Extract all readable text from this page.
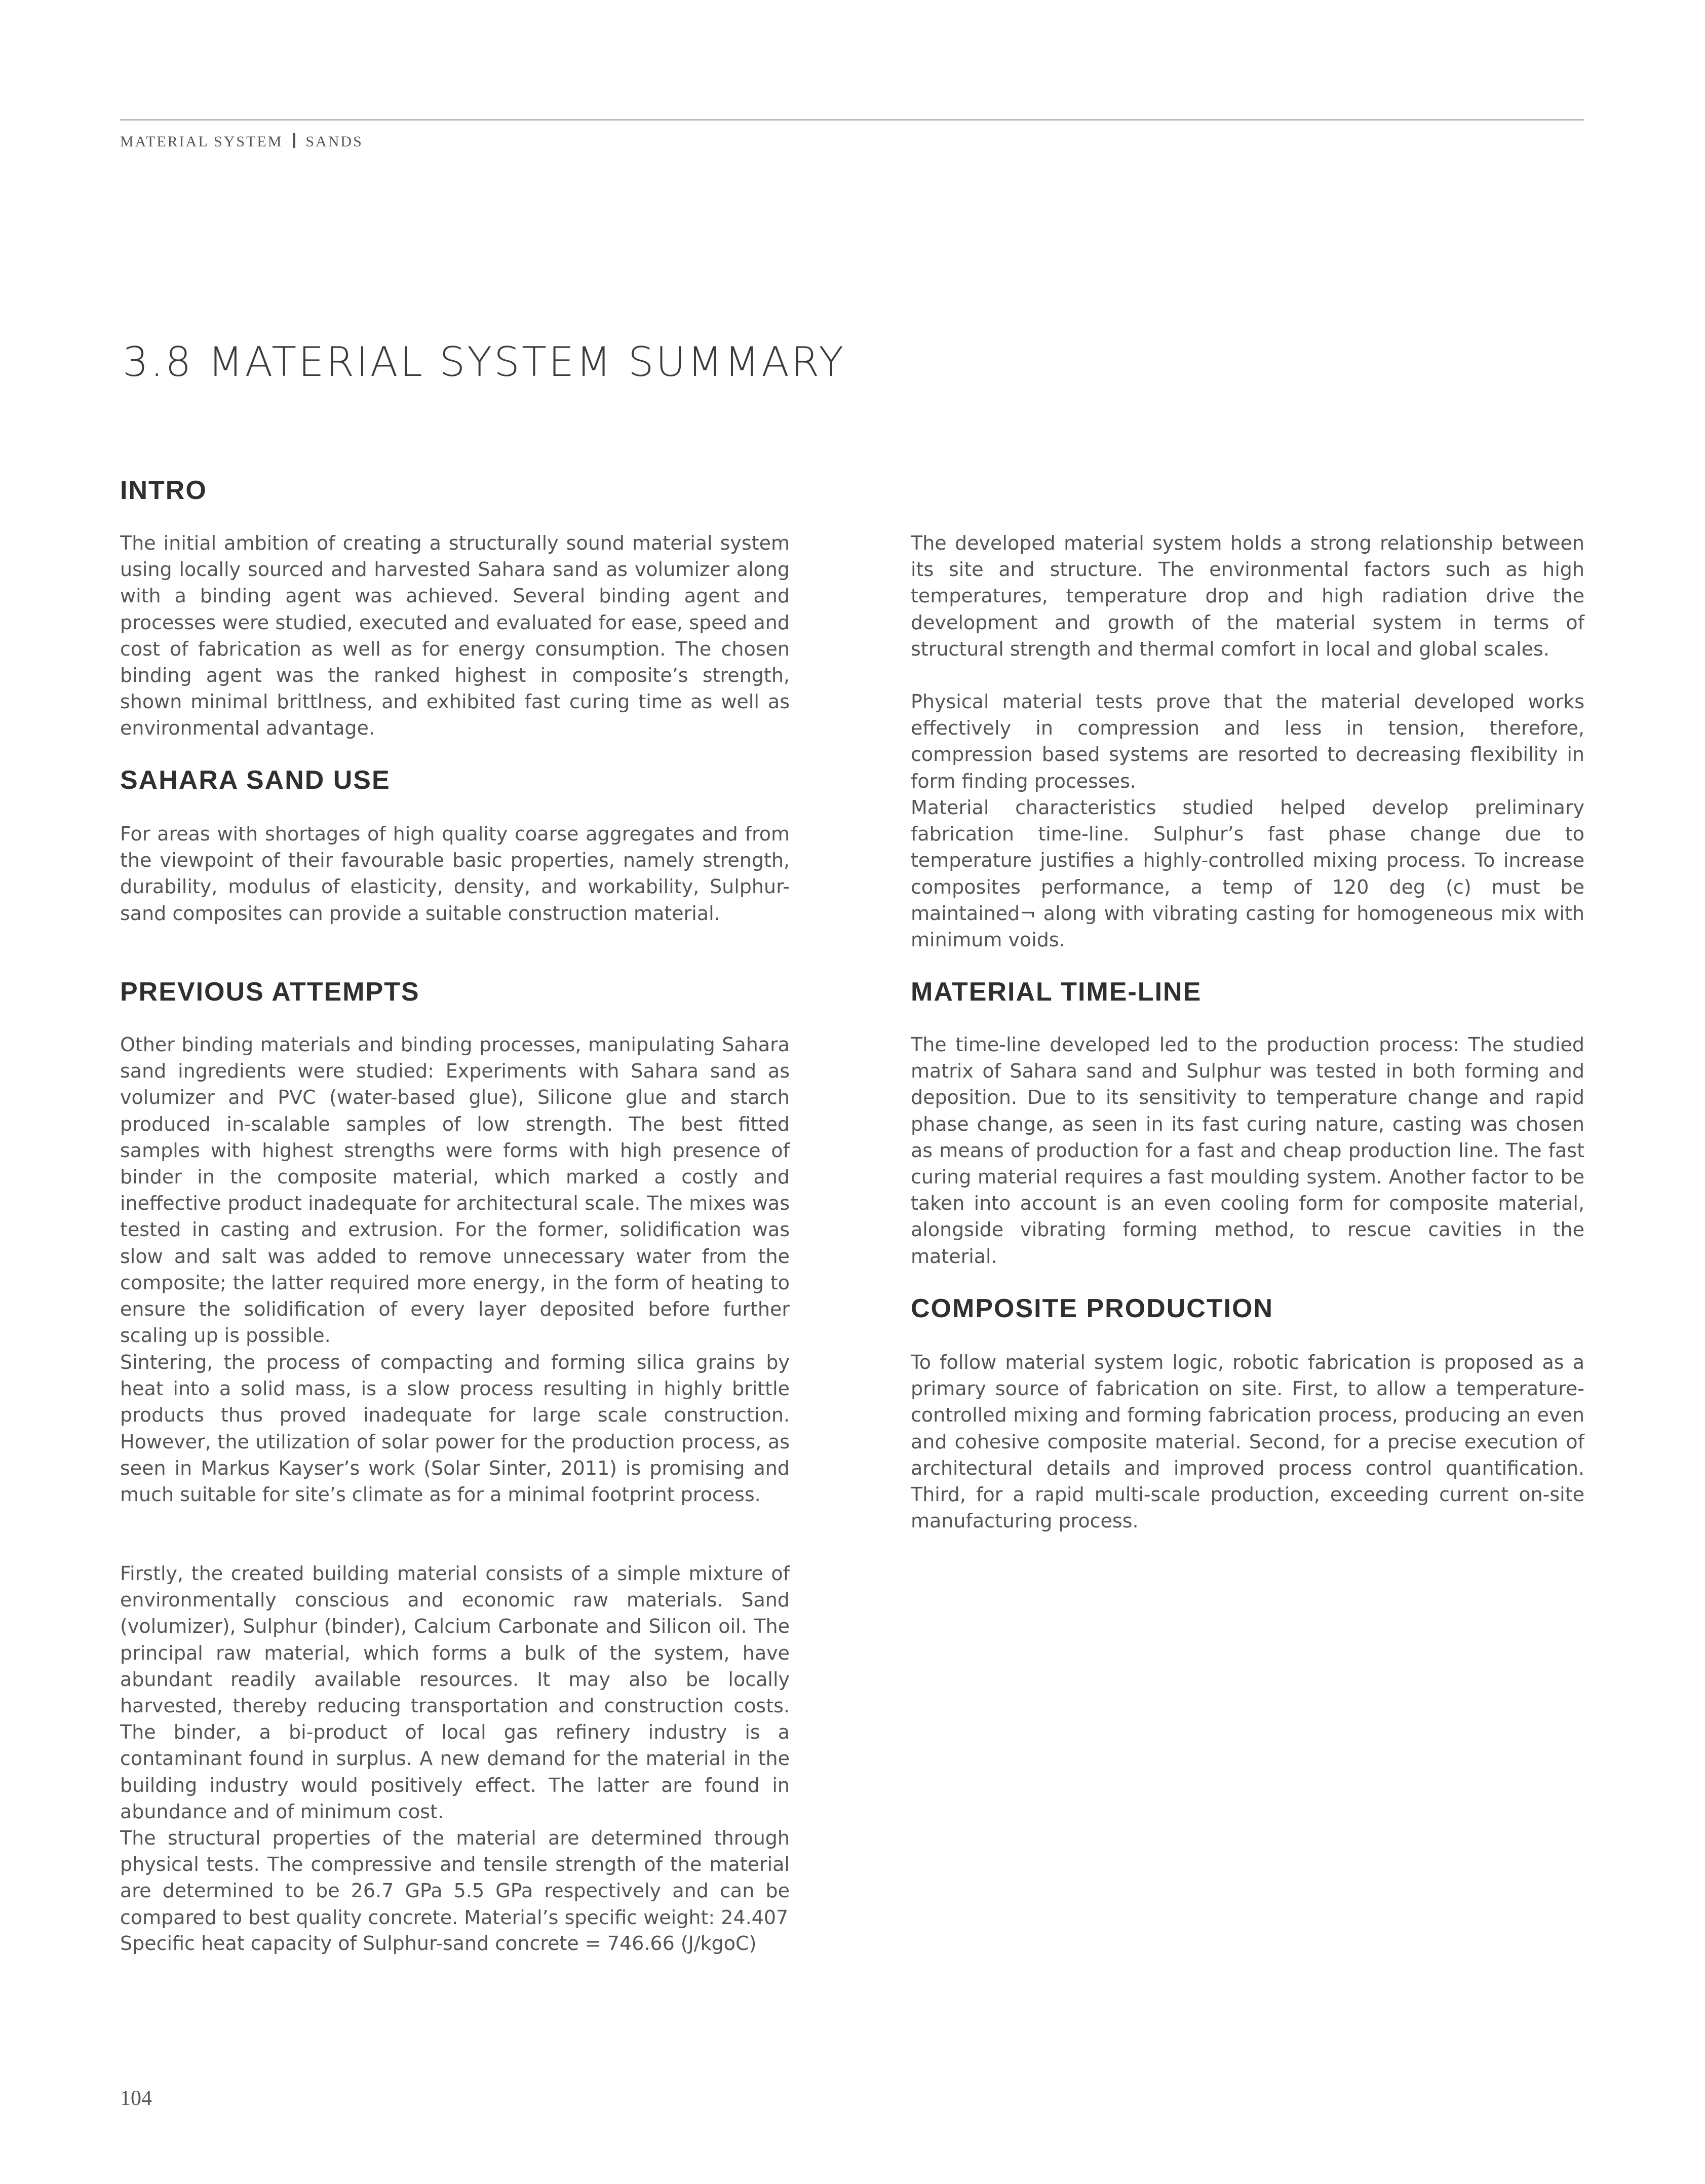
MATERIAL SYSTEM SANDS
3.8 MATERIAL SYSTEM SUMMARY
INTRO

The initial ambition of creating a structurally sound material system using locally sourced and harvested Sahara sand as volumizer along with a binding agent was achieved. Several binding agent and processes were studied, executed and evaluated for ease, speed and cost of fabrication as well as for energy consumption. The chosen binding agent was the ranked highest in composite’s strength, shown minimal brittlness, and exhibited fast curing time as well as environmental advantage.

SAHARA SAND USE

For areas with shortages of high quality coarse aggregates and from the viewpoint of their favourable basic properties, namely strength, durability, modulus of elasticity, density, and workability, Sulphur-sand composites can provide a suitable construction material.

PREVIOUS ATTEMPTS

Other binding materials and binding processes, manipulating Sahara sand ingredients were studied: Experiments with Sahara sand as volumizer and PVC (water-based glue), Silicone glue and starch produced in-scalable samples of low strength. The best fitted samples with highest strengths were forms with high presence of binder in the composite material, which marked a costly and ineffective product inadequate for architectural scale. The mixes was tested in casting and extrusion. For the former, solidification was slow and salt was added to remove unnecessary water from the composite; the latter required more energy, in the form of heating to ensure the solidification of every layer deposited before further scaling up is possible.

Sintering, the process of compacting and forming silica grains by heat into a solid mass, is a slow process resulting in highly brittle products thus proved inadequate for large scale construction. However, the utilization of solar power for the production process, as seen in Markus Kayser’s work (Solar Sinter, 2011) is promising and much suitable for site’s climate as for a minimal footprint process.

Firstly, the created building material consists of a simple mixture of environmentally conscious and economic raw materials. Sand (volumizer), Sulphur (binder), Calcium Carbonate and Silicon oil. The principal raw material, which forms a bulk of the system, have abundant readily available resources. It may also be locally harvested, thereby reducing transportation and construction costs. The binder, a bi-product of local gas refinery industry is a contaminant found in surplus. A new demand for the material in the building industry would positively effect. The latter are found in abundance and of minimum cost.

The structural properties of the material are determined through physical tests. The compressive and tensile strength of the material are determined to be 26.7 GPa 5.5 GPa respectively and can be compared to best quality concrete. Material’s specific weight: 24.407

Specific heat capacity of Sulphur-sand concrete = 746.66 (J/kgoC)

The developed material system holds a strong relationship between its site and structure. The environmental factors such as high temperatures, temperature drop and high radiation drive the development and growth of the material system in terms of structural strength and thermal comfort in local and global scales.

Physical material tests prove that the material developed works effectively in compression and less in tension, therefore, compression based systems are resorted to decreasing flexibility in form finding processes.

Material characteristics studied helped develop preliminary fabrication time-line. Sulphur’s fast phase change due to temperature justifies a highly-controlled mixing process. To increase composites performance, a temp of 120 deg (c) must be maintained¬ along with vibrating casting for homogeneous mix with minimum voids.

MATERIAL TIME-LINE

The time-line developed led to the production process: The studied matrix of Sahara sand and Sulphur was tested in both forming and deposition. Due to its sensitivity to temperature change and rapid phase change, as seen in its fast curing nature, casting was chosen as means of production for a fast and cheap production line. The fast curing material requires a fast moulding system. Another factor to be taken into account is an even cooling form for composite material, alongside vibrating forming method, to rescue cavities in the material.

COMPOSITE PRODUCTION

To follow material system logic, robotic fabrication is proposed as a primary source of fabrication on site. First, to allow a temperature-controlled mixing and forming fabrication process, producing an even and cohesive composite material. Second, for a precise execution of architectural details and improved process control quantification. Third, for a rapid multi-scale production, exceeding current on-site manufacturing process.

104
